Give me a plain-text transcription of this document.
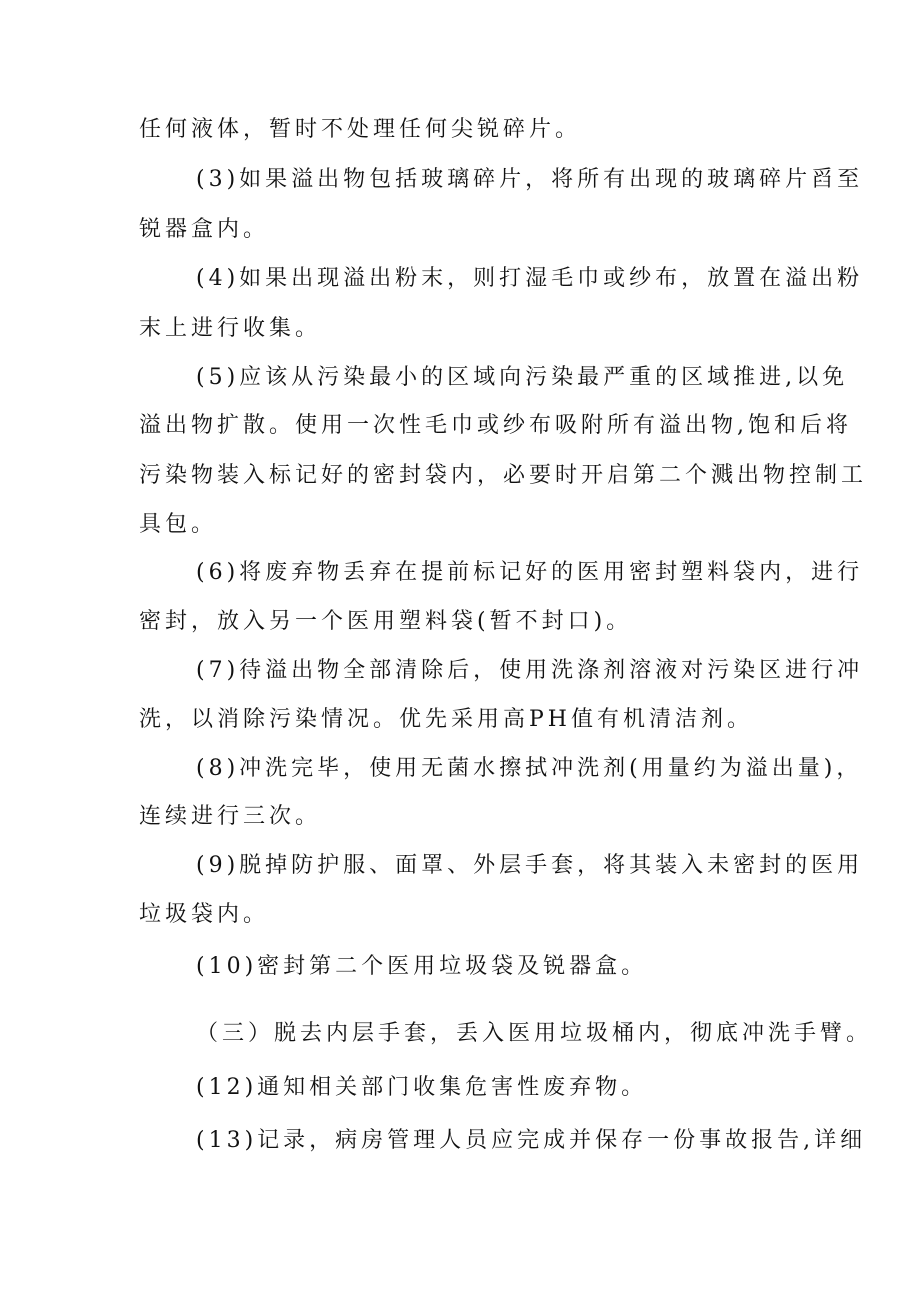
任何液体，暂时不处理任何尖锐碎片。
(3)如果溢出物包括玻璃碎片，将所有出现的玻璃碎片舀至
锐器盒内。
(4)如果出现溢出粉末，则打湿毛巾或纱布，放置在溢出粉
末上进行收集。
(5)应该从污染最小的区域向污染最严重的区域推进,以免
溢出物扩散。使用一次性毛巾或纱布吸附所有溢出物,饱和后将
污染物装入标记好的密封袋内，必要时开启第二个溅出物控制工
具包。
(6)将废弃物丢弃在提前标记好的医用密封塑料袋内，进行
密封，放入另一个医用塑料袋(暂不封口)。
(7)待溢出物全部清除后，使用洗涤剂溶液对污染区进行冲
洗，以消除污染情况。优先采用高PH值有机清洁剂。
(8)冲洗完毕，使用无菌水擦拭冲洗剂(用量约为溢出量)，
连续进行三次。
(9)脱掉防护服、面罩、外层手套，将其装入未密封的医用
垃圾袋内。
(10)密封第二个医用垃圾袋及锐器盒。
（三）脱去内层手套，丢入医用垃圾桶内，彻底冲洗手臂。
(12)通知相关部门收集危害性废弃物。
(13)记录，病房管理人员应完成并保存一份事故报告,详细
